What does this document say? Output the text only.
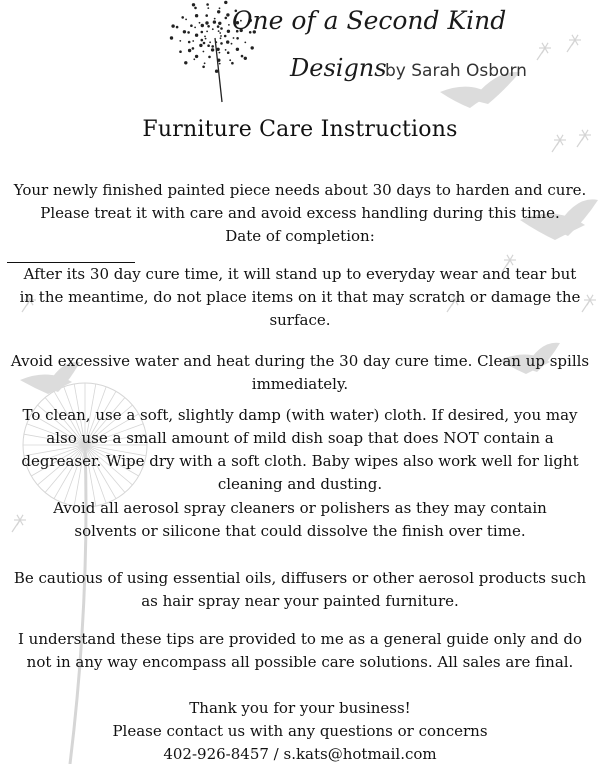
One of a Second Kind
Designs
by Sarah Osborn
Furniture Care Instructions
Your newly finished painted piece needs about 30 days to harden and cure.
Please treat it with care and avoid excess handling during this time.
Date of completion:
After its 30 day cure time, it will stand up to everyday wear and tear but
in the meantime, do not place items on it that may scratch or damage the
surface.
Avoid excessive water and heat during the 30 day cure time. Clean up spills
immediately.
To clean, use a soft, slightly damp (with water) cloth. If desired, you may
also use a small amount of mild dish soap that does NOT contain a
degreaser. Wipe dry with a soft cloth. Baby wipes also work well for light
cleaning and dusting.
Avoid all aerosol spray cleaners or polishers as they may contain
solvents or silicone that could dissolve the finish over time.
Be cautious of using essential oils, diffusers or other aerosol products such
as hair spray near your painted furniture.
I understand these tips are provided to me as a general guide only and do
not in any way encompass all possible care solutions. All sales are final.
Thank you for your business!
Please contact us with any questions or concerns
402-926-8457 / s.kats@hotmail.com
